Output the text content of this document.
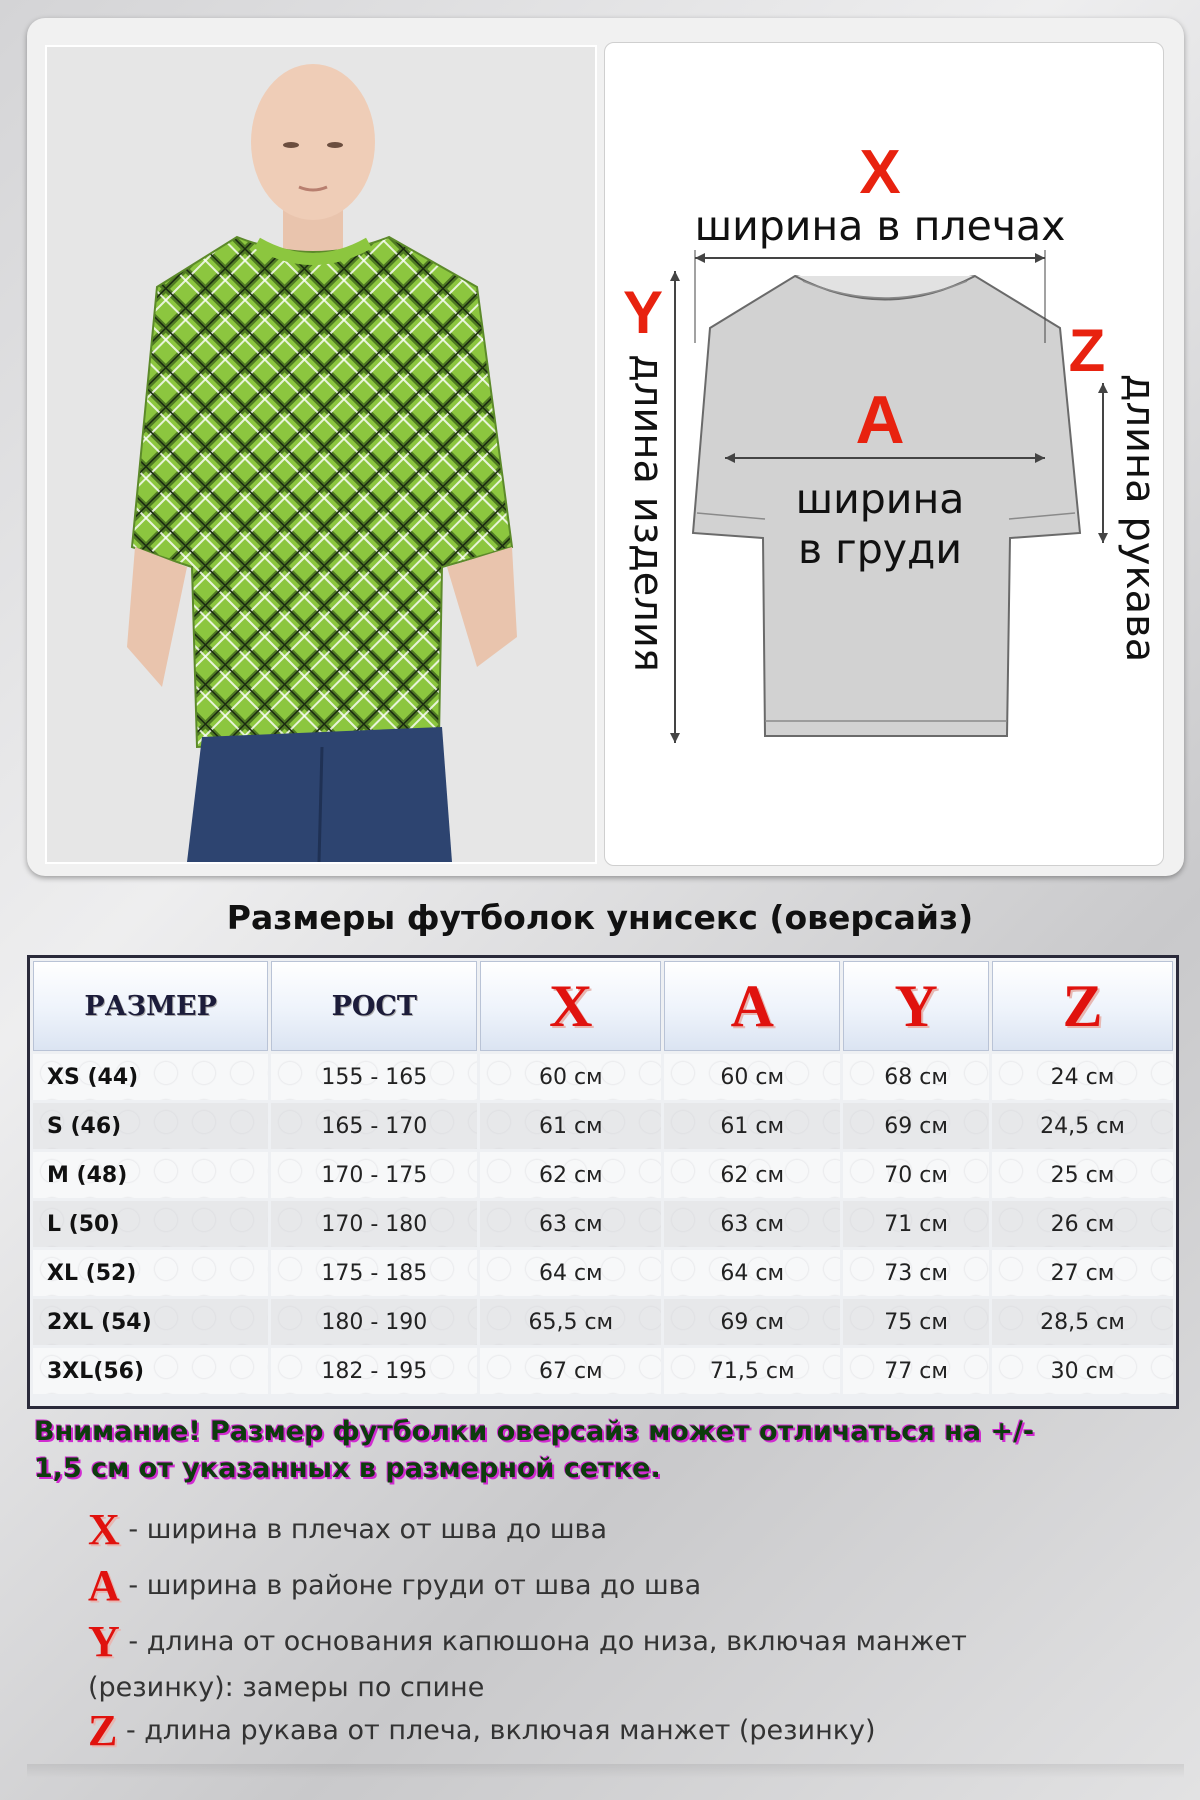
X
ширина в плечах
A
ширина
в груди
Y
длина изделия
Z
длина рукава
Размеры футболок унисекс (оверсайз)
РАЗМЕР	РОСТ	X	A	Y	Z
XS (44)	155 - 165	60 см	60 см	68 см	24 см
S (46)	165 - 170	61 см	61 см	69 см	24,5 см
M (48)	170 - 175	62 см	62 см	70 см	25 см
L (50)	170 - 180	63 см	63 см	71 см	26 см
XL (52)	175 - 185	64 см	64 см	73 см	27 см
2XL (54)	180 - 190	65,5 см	69 см	75 см	28,5 см
3XL(56)	182 - 195	67 см	71,5 см	77 см	30 см
Внимание! Размер футболки оверсайз может отличаться на +/-
1,5 см от указанных в размерной сетке.
X - ширина в плечах от шва до шва
A - ширина в районе груди от шва до шва
Y - длина от основания капюшона до низа, включая манжет
(резинку): замеры по спине
Z - длина рукава от плеча, включая манжет (резинку)
